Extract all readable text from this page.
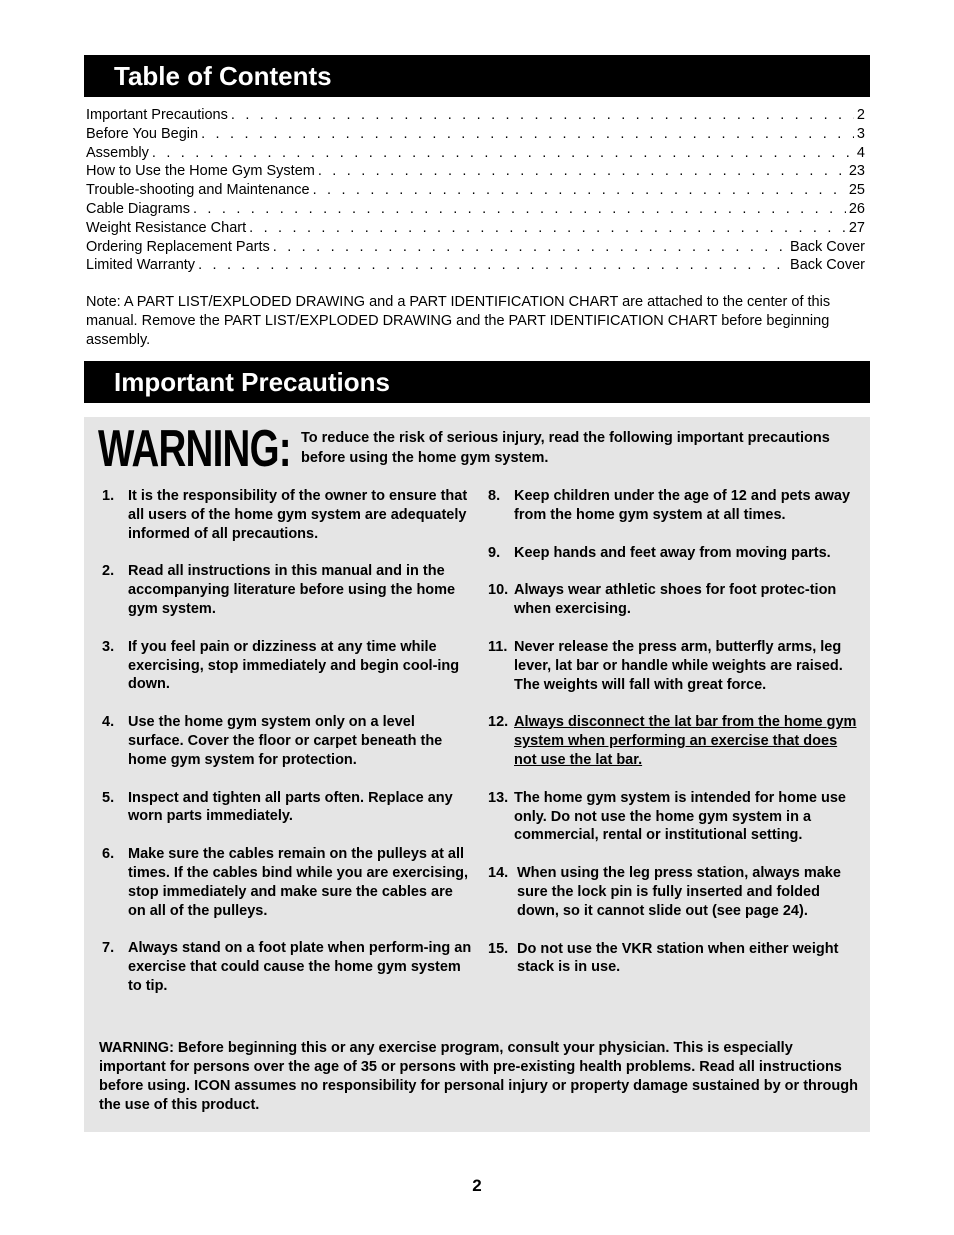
Table of Contents
Important Precautions . . .	2
Before You Begin . . .	3
Assembly . . .	4
How to Use the Home Gym System . . .	23
Trouble-shooting and Maintenance . . .	25
Cable Diagrams . . .	26
Weight Resistance Chart . . .	27
Ordering Replacement Parts . . .	Back Cover
Limited Warranty . . .	Back Cover
Note: A PART LIST/EXPLODED DRAWING and a PART IDENTIFICATION CHART are attached to the center of this manual. Remove the PART LIST/EXPLODED DRAWING and the PART IDENTIFICATION CHART before beginning assembly.
Important Precautions
WARNING: To reduce the risk of serious injury, read the following important precautions before using the home gym system.
1. It is the responsibility of the owner to ensure that all users of the home gym system are adequately informed of all precautions.
2. Read all instructions in this manual and in the accompanying literature before using the home gym system.
3. If you feel pain or dizziness at any time while exercising, stop immediately and begin cool-ing down.
4. Use the home gym system only on a level surface. Cover the floor or carpet beneath the home gym system for protection.
5. Inspect and tighten all parts often. Replace any worn parts immediately.
6. Make sure the cables remain on the pulleys at all times. If the cables bind while you are exercising, stop immediately and make sure the cables are on all of the pulleys.
7. Always stand on a foot plate when perform-ing an exercise that could cause the home gym system to tip.
8. Keep children under the age of 12 and pets away from the home gym system at all times.
9. Keep hands and feet away from moving parts.
10. Always wear athletic shoes for foot protec-tion when exercising.
11. Never release the press arm, butterfly arms, leg lever, lat bar or handle while weights are raised. The weights will fall with great force.
12. Always disconnect the lat bar from the home gym system when performing an exercise that does not use the lat bar.
13. The home gym system is intended for home use only. Do not use the home gym system in a commercial, rental or institutional setting.
14. When using the leg press station, always make sure the lock pin is fully inserted and folded down, so it cannot slide out (see page 24).
15. Do not use the VKR station when either weight stack is in use.
WARNING: Before beginning this or any exercise program, consult your physician. This is especially important for persons over the age of 35 or persons with pre-existing health problems. Read all instructions before using. ICON assumes no responsibility for personal injury or property damage sustained by or through the use of this product.
2
